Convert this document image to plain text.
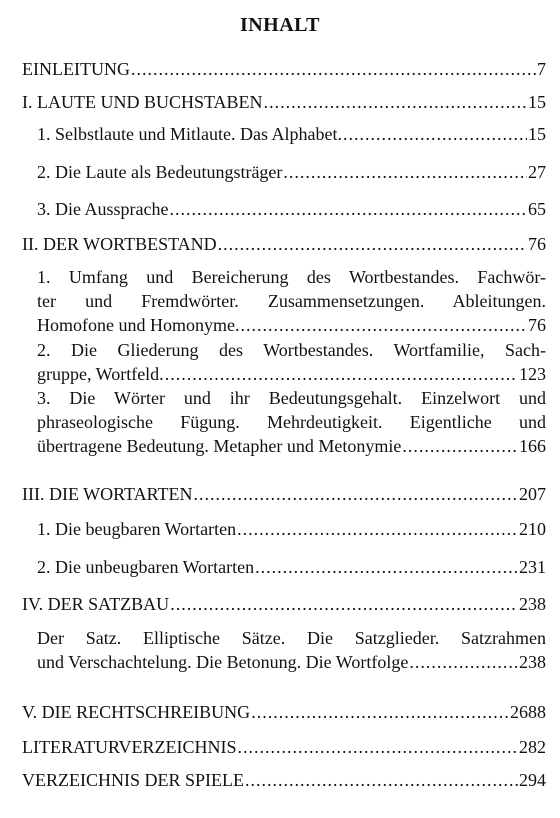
INHALT

EINLEITUNG .....	7

I. LAUTE UND BUCHSTABEN .....	15

1. Selbstlaute und Mitlaute. Das Alphabet. .....	15

2. Die Laute als Bedeutungsträger .....	27

3. Die Aussprache .....	65

II. DER WORTBESTAND .....	76

1. Umfang und Bereicherung des Wortbestandes. Fachwör-

ter und Fremdwörter. Zusammensetzungen. Ableitungen.

Homofone und Homonyme. .....	76

2. Die Gliederung des Wortbestandes. Wortfamilie, Sach-

gruppe, Wortfeld. .....	123

3. Die Wörter und ihr Bedeutungsgehalt. Einzelwort und

phraseologische Fügung. Mehrdeutigkeit. Eigentliche und

übertragene Bedeutung. Metapher und Metonymie .....	166

III. DIE WORTARTEN .....	207

1. Die beugbaren Wortarten .....	210

2. Die unbeugbaren Wortarten .....	231

IV. DER SATZBAU .....	238

Der Satz. Elliptische Sätze. Die Satzglieder. Satzrahmen

und Verschachtelung. Die Betonung. Die Wortfolge .....	238

V. DIE RECHTSCHREIBUNG .....	2688

LITERATURVERZEICHNIS .....	282

VERZEICHNIS DER SPIELE .....	294
